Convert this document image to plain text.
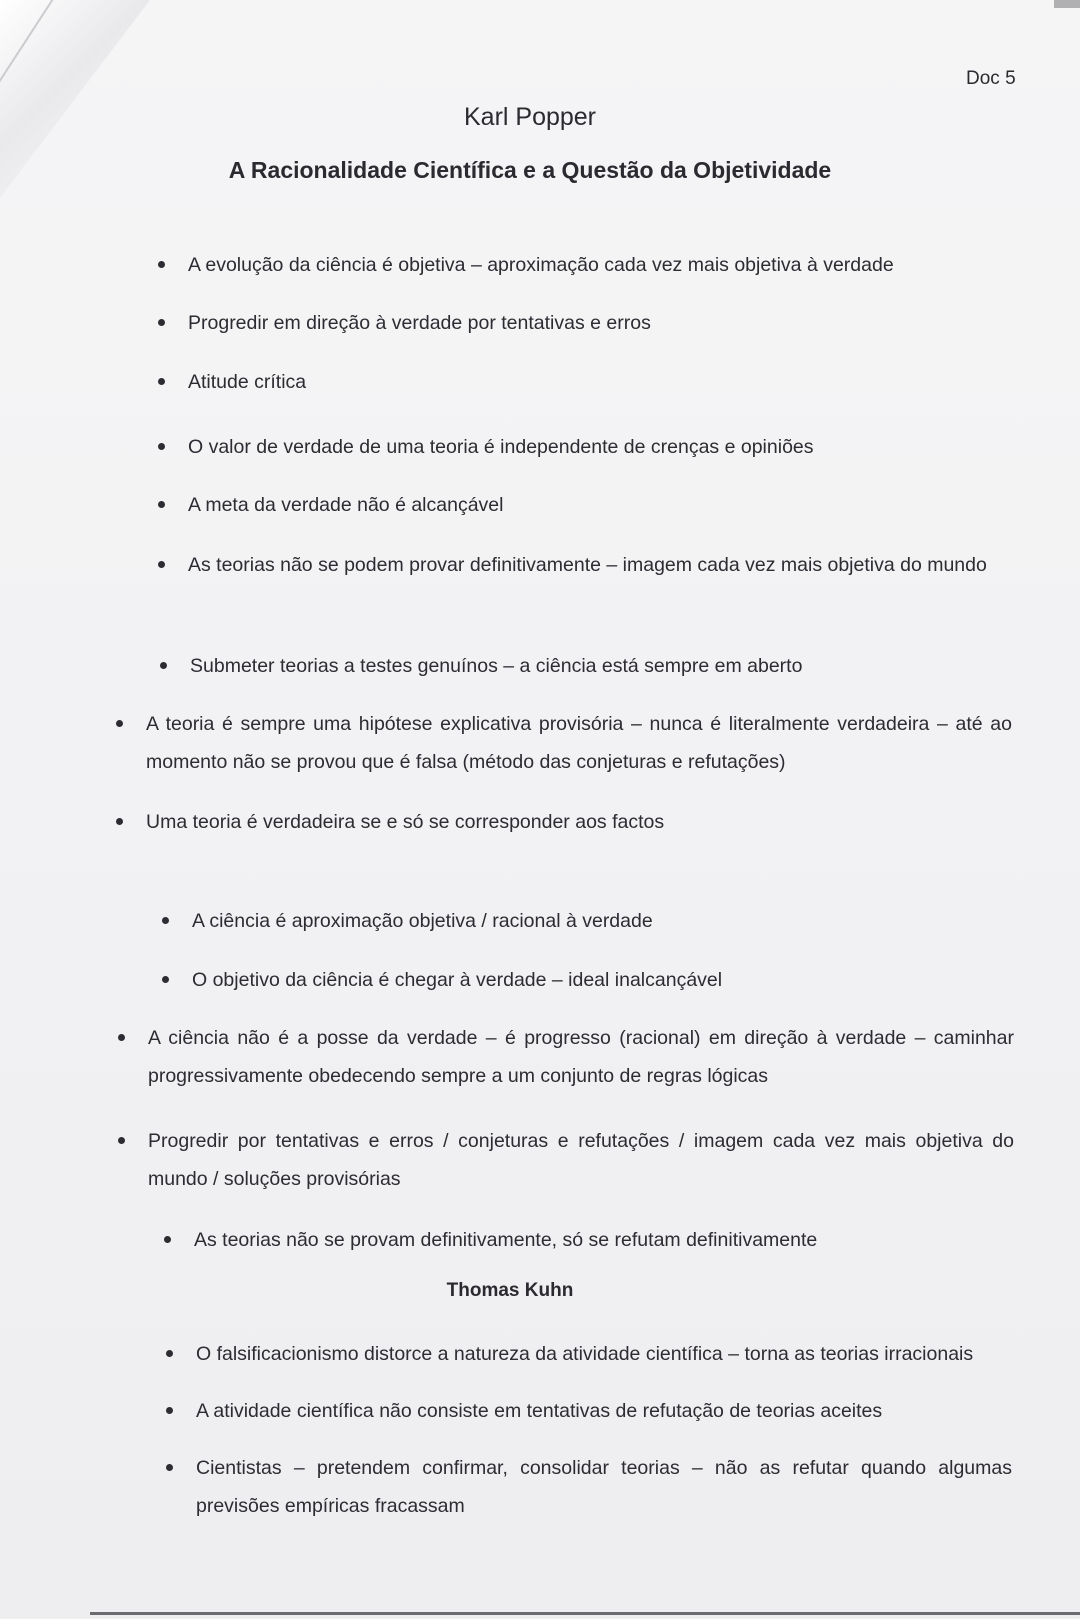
Doc 5
Karl Popper
A Racionalidade Científica e a Questão da Objetividade
A evolução da ciência é objetiva – aproximação cada vez mais objetiva à verdade
Progredir em direção à verdade por tentativas e erros
Atitude crítica
O valor de verdade de uma teoria é independente de crenças e opiniões
A meta da verdade não é alcançável
As teorias não se podem provar definitivamente – imagem cada vez mais objetiva do mundo
Submeter teorias a testes genuínos – a ciência está sempre em aberto
A teoria é sempre uma hipótese explicativa provisória – nunca é literalmente verdadeira – até ao momento não se provou que é falsa (método das conjeturas e refutações)
Uma teoria é verdadeira se e só se corresponder aos factos
A ciência é aproximação objetiva / racional à verdade
O objetivo da ciência é chegar à verdade – ideal inalcançável
A ciência não é a posse da verdade – é progresso (racional) em direção à verdade – caminhar progressivamente obedecendo sempre a um conjunto de regras lógicas
Progredir por tentativas e erros / conjeturas e refutações / imagem cada vez mais objetiva do mundo / soluções provisórias
As teorias não se provam definitivamente, só se refutam definitivamente
Thomas Kuhn
O falsificacionismo distorce a natureza da atividade científica – torna as teorias irracionais
A atividade científica não consiste em tentativas de refutação de teorias aceites
Cientistas – pretendem confirmar, consolidar teorias – não as refutar quando algumas previsões empíricas fracassam
